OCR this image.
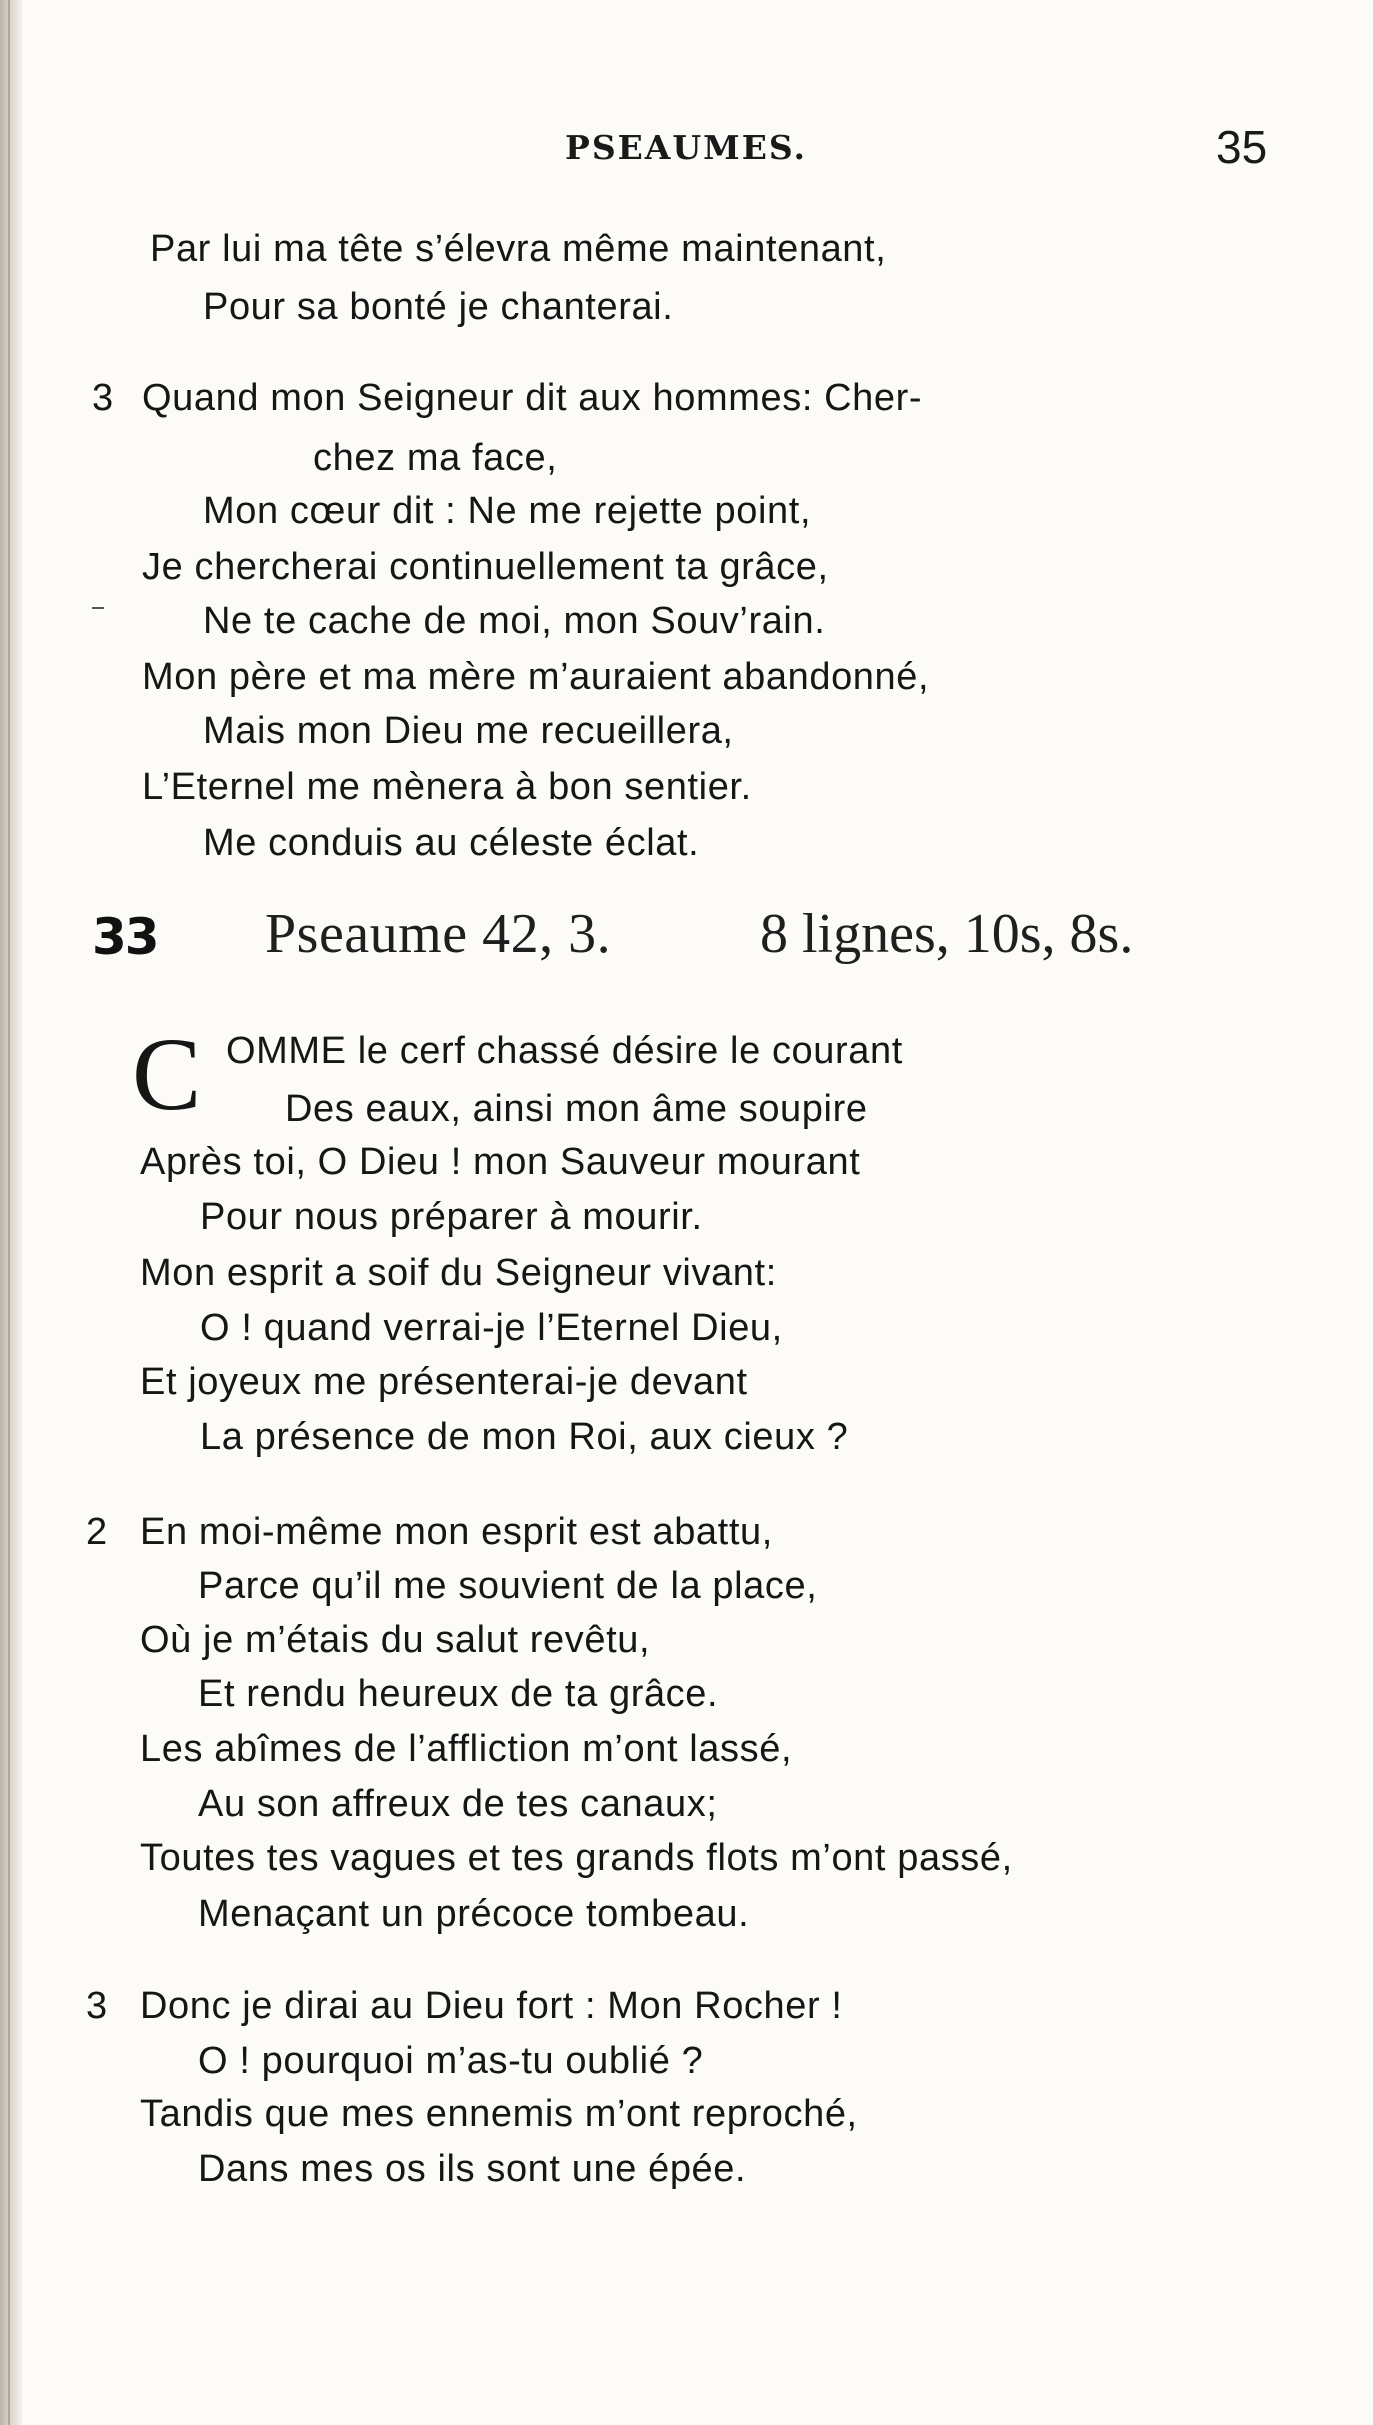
PSEAUMES.	35
Par lui ma tête s’élevra même maintenant,
Pour sa bonté je chanterai.
3 Quand mon Seigneur dit aux hommes: Cher-
chez ma face,
Mon cœur dit : Ne me rejette point,
Je chercherai continuellement ta grâce,
Ne te cache de moi, mon Souv’rain.
Mon père et ma mère m’auraient abandonné,
Mais mon Dieu me recueillera,
L’Eternel me mènera à bon sentier.
Me conduis au céleste éclat.
33 Pseaume 42, 3.	8 lignes, 10s, 8s.
C OMME le cerf chassé désire le courant
Des eaux, ainsi mon âme soupire
Après toi, O Dieu ! mon Sauveur mourant
Pour nous préparer à mourir.
Mon esprit a soif du Seigneur vivant:
O ! quand verrai-je l’Eternel Dieu,
Et joyeux me présenterai-je devant
La présence de mon Roi, aux cieux ?
2 En moi-même mon esprit est abattu,
Parce qu’il me souvient de la place,
Où je m’étais du salut revêtu,
Et rendu heureux de ta grâce.
Les abîmes de l’affliction m’ont lassé,
Au son affreux de tes canaux;
Toutes tes vagues et tes grands flots m’ont passé,
Menaçant un précoce tombeau.
3 Donc je dirai au Dieu fort : Mon Rocher !
O ! pourquoi m’as-tu oublié ?
Tandis que mes ennemis m’ont reproché,
Dans mes os ils sont une épée.
